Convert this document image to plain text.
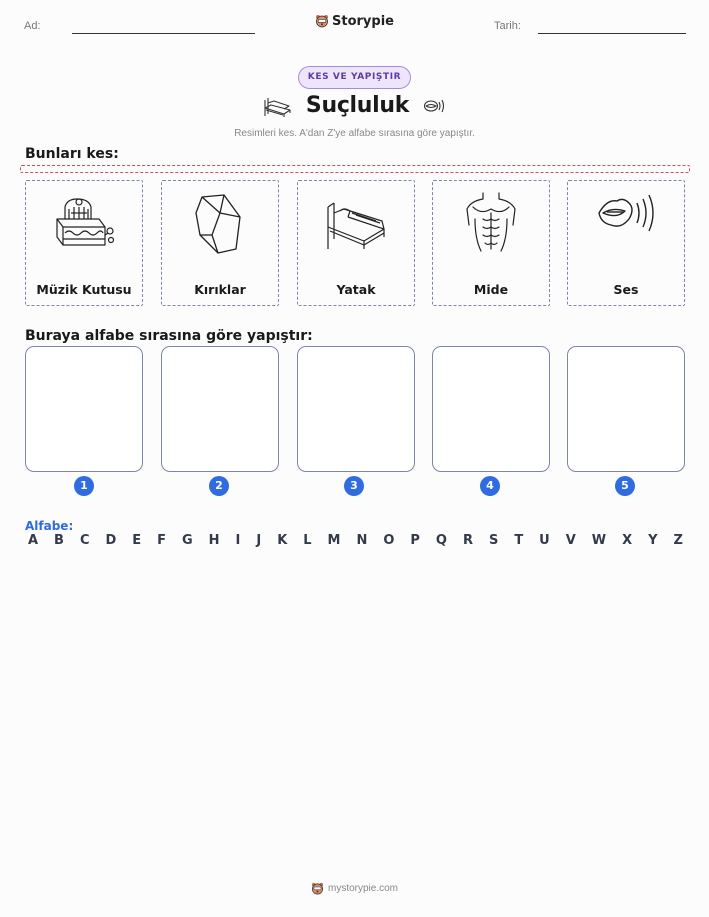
Ad:	Storypie	Tarih:
KES VE YAPIŞTIR
Suçluluk
Resimleri kes. A'dan Z'ye alfabe sırasına göre yapıştır.
Bunları kes:
Müzik Kutusu	Kırıklar	Yatak	Mide	Ses
Buraya alfabe sırasına göre yapıştır:
1	2	3	4	5
Alfabe:
A B C D E F G H I J K L M N O P Q R S T U V W X Y Z
mystorypie.com
